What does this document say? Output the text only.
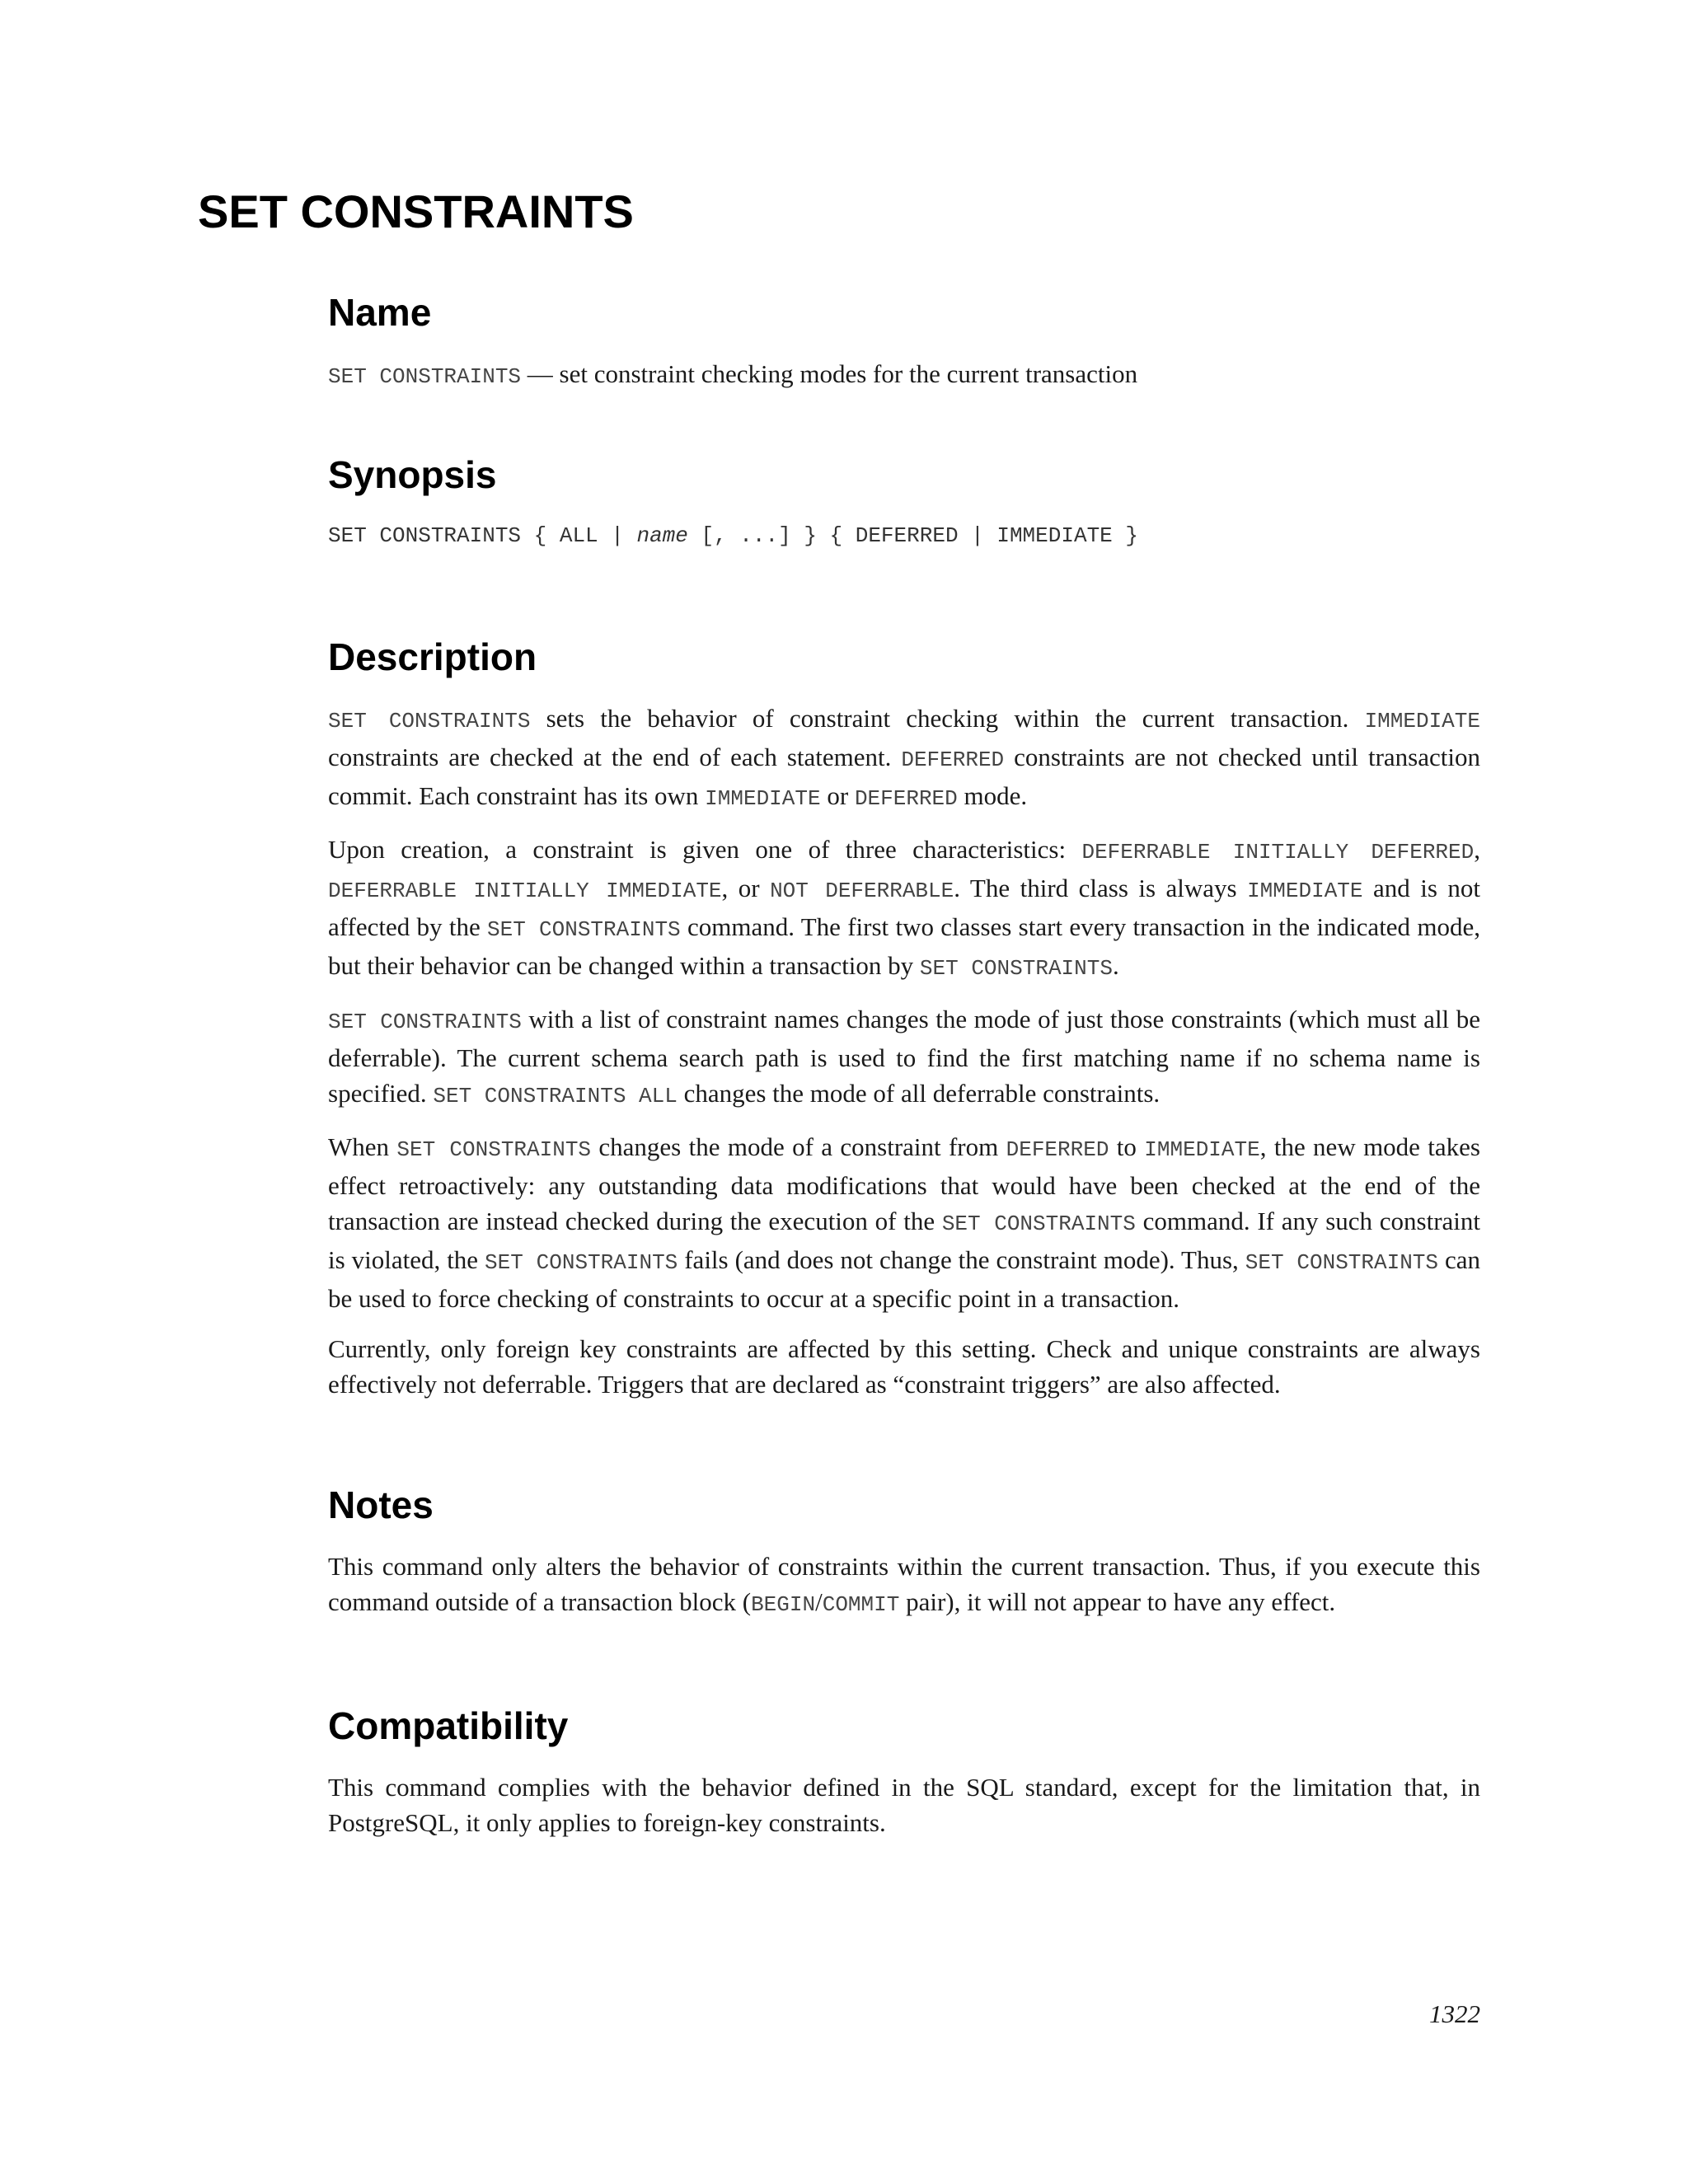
SET CONSTRAINTS
Name

SET CONSTRAINTS — set constraint checking modes for the current transaction

Synopsis
SET CONSTRAINTS { ALL | name [, ...] } { DEFERRED | IMMEDIATE }
Description

SET CONSTRAINTS sets the behavior of constraint checking within the current transaction. IMMEDIATE constraints are checked at the end of each statement. DEFERRED constraints are not checked until transaction commit. Each constraint has its own IMMEDIATE or DEFERRED mode.

Upon creation, a constraint is given one of three characteristics: DEFERRABLE INITIALLY DEFERRED, DEFERRABLE INITIALLY IMMEDIATE, or NOT DEFERRABLE. The third class is always IMMEDIATE and is not affected by the SET CONSTRAINTS command. The first two classes start every transaction in the indicated mode, but their behavior can be changed within a transaction by SET CONSTRAINTS.

SET CONSTRAINTS with a list of constraint names changes the mode of just those constraints (which must all be deferrable). The current schema search path is used to find the first matching name if no schema name is specified. SET CONSTRAINTS ALL changes the mode of all deferrable constraints.

When SET CONSTRAINTS changes the mode of a constraint from DEFERRED to IMMEDIATE, the new mode takes effect retroactively: any outstanding data modifications that would have been checked at the end of the transaction are instead checked during the execution of the SET CONSTRAINTS command. If any such constraint is violated, the SET CONSTRAINTS fails (and does not change the constraint mode). Thus, SET CONSTRAINTS can be used to force checking of constraints to occur at a specific point in a transaction.

Currently, only foreign key constraints are affected by this setting. Check and unique constraints are always effectively not deferrable. Triggers that are declared as “constraint triggers” are also affected.

Notes

This command only alters the behavior of constraints within the current transaction. Thus, if you execute this command outside of a transaction block (BEGIN/COMMIT pair), it will not appear to have any effect.

Compatibility

This command complies with the behavior defined in the SQL standard, except for the limitation that, in PostgreSQL, it only applies to foreign-key constraints.

1322
